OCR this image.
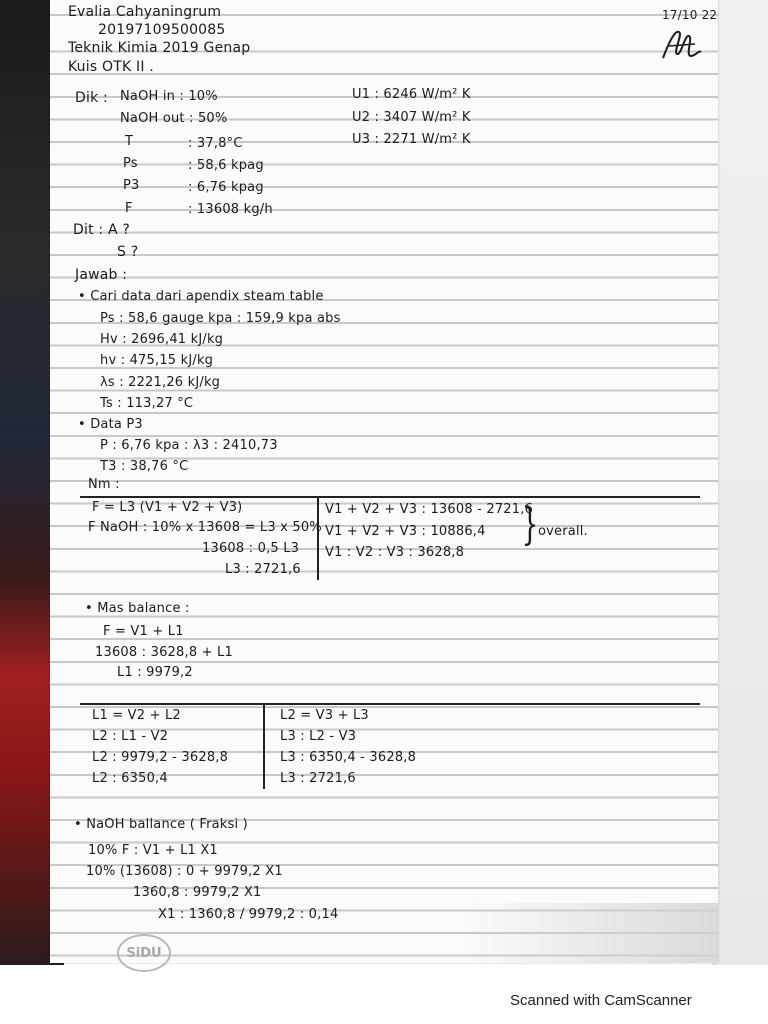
Evalia Cahyaningrum
20197109500085
Teknik Kimia 2019 Genap
Kuis OTK II .
17/10 22
Dik : NaOH in : 10%
NaOH out : 50%
T	: 37,8°C
Ps	: 58,6 kpag
P3	: 6,76 kpag
F	: 13608 kg/h
U1 : 6246 W/m² K
U2 : 3407 W/m² K
U3 : 2271 W/m² K
Dit : A ?
S ?
Jawab :
• Cari data dari apendix steam table
Ps : 58,6 gauge kpa : 159,9 kpa abs
Hv : 2696,41 kJ/kg
hv : 475,15 kJ/kg
λs : 2221,26 kJ/kg
Ts : 113,27 °C
• Data P3
P : 6,76 kpa : λ3 : 2410,73
T3 : 38,76 °C
Nm :
F = L3 (V1 + V2 + V3)
F NaOH : 10% x 13608 = L3 x 50%
13608 : 0,5 L3
L3 : 2721,6
V1 + V2 + V3 : 13608 - 2721,6
V1 + V2 + V3 : 10886,4
V1 : V2 : V3 : 3628,8
} overall.
• Mas balance :
F = V1 + L1
13608 : 3628,8 + L1
L1 : 9979,2
L1 = V2 + L2
L2 : L1 - V2
L2 : 9979,2 - 3628,8
L2 : 6350,4
L2 = V3 + L3
L3 : L2 - V3
L3 : 6350,4 - 3628,8
L3 : 2721,6
• NaOH ballance ( Fraksi )
10% F : V1 + L1 X1
10% (13608) : 0 + 9979,2 X1
1360,8 : 9979,2 X1
X1 : 1360,8 / 9979,2 : 0,14
SiDU
Scanned with CamScanner
